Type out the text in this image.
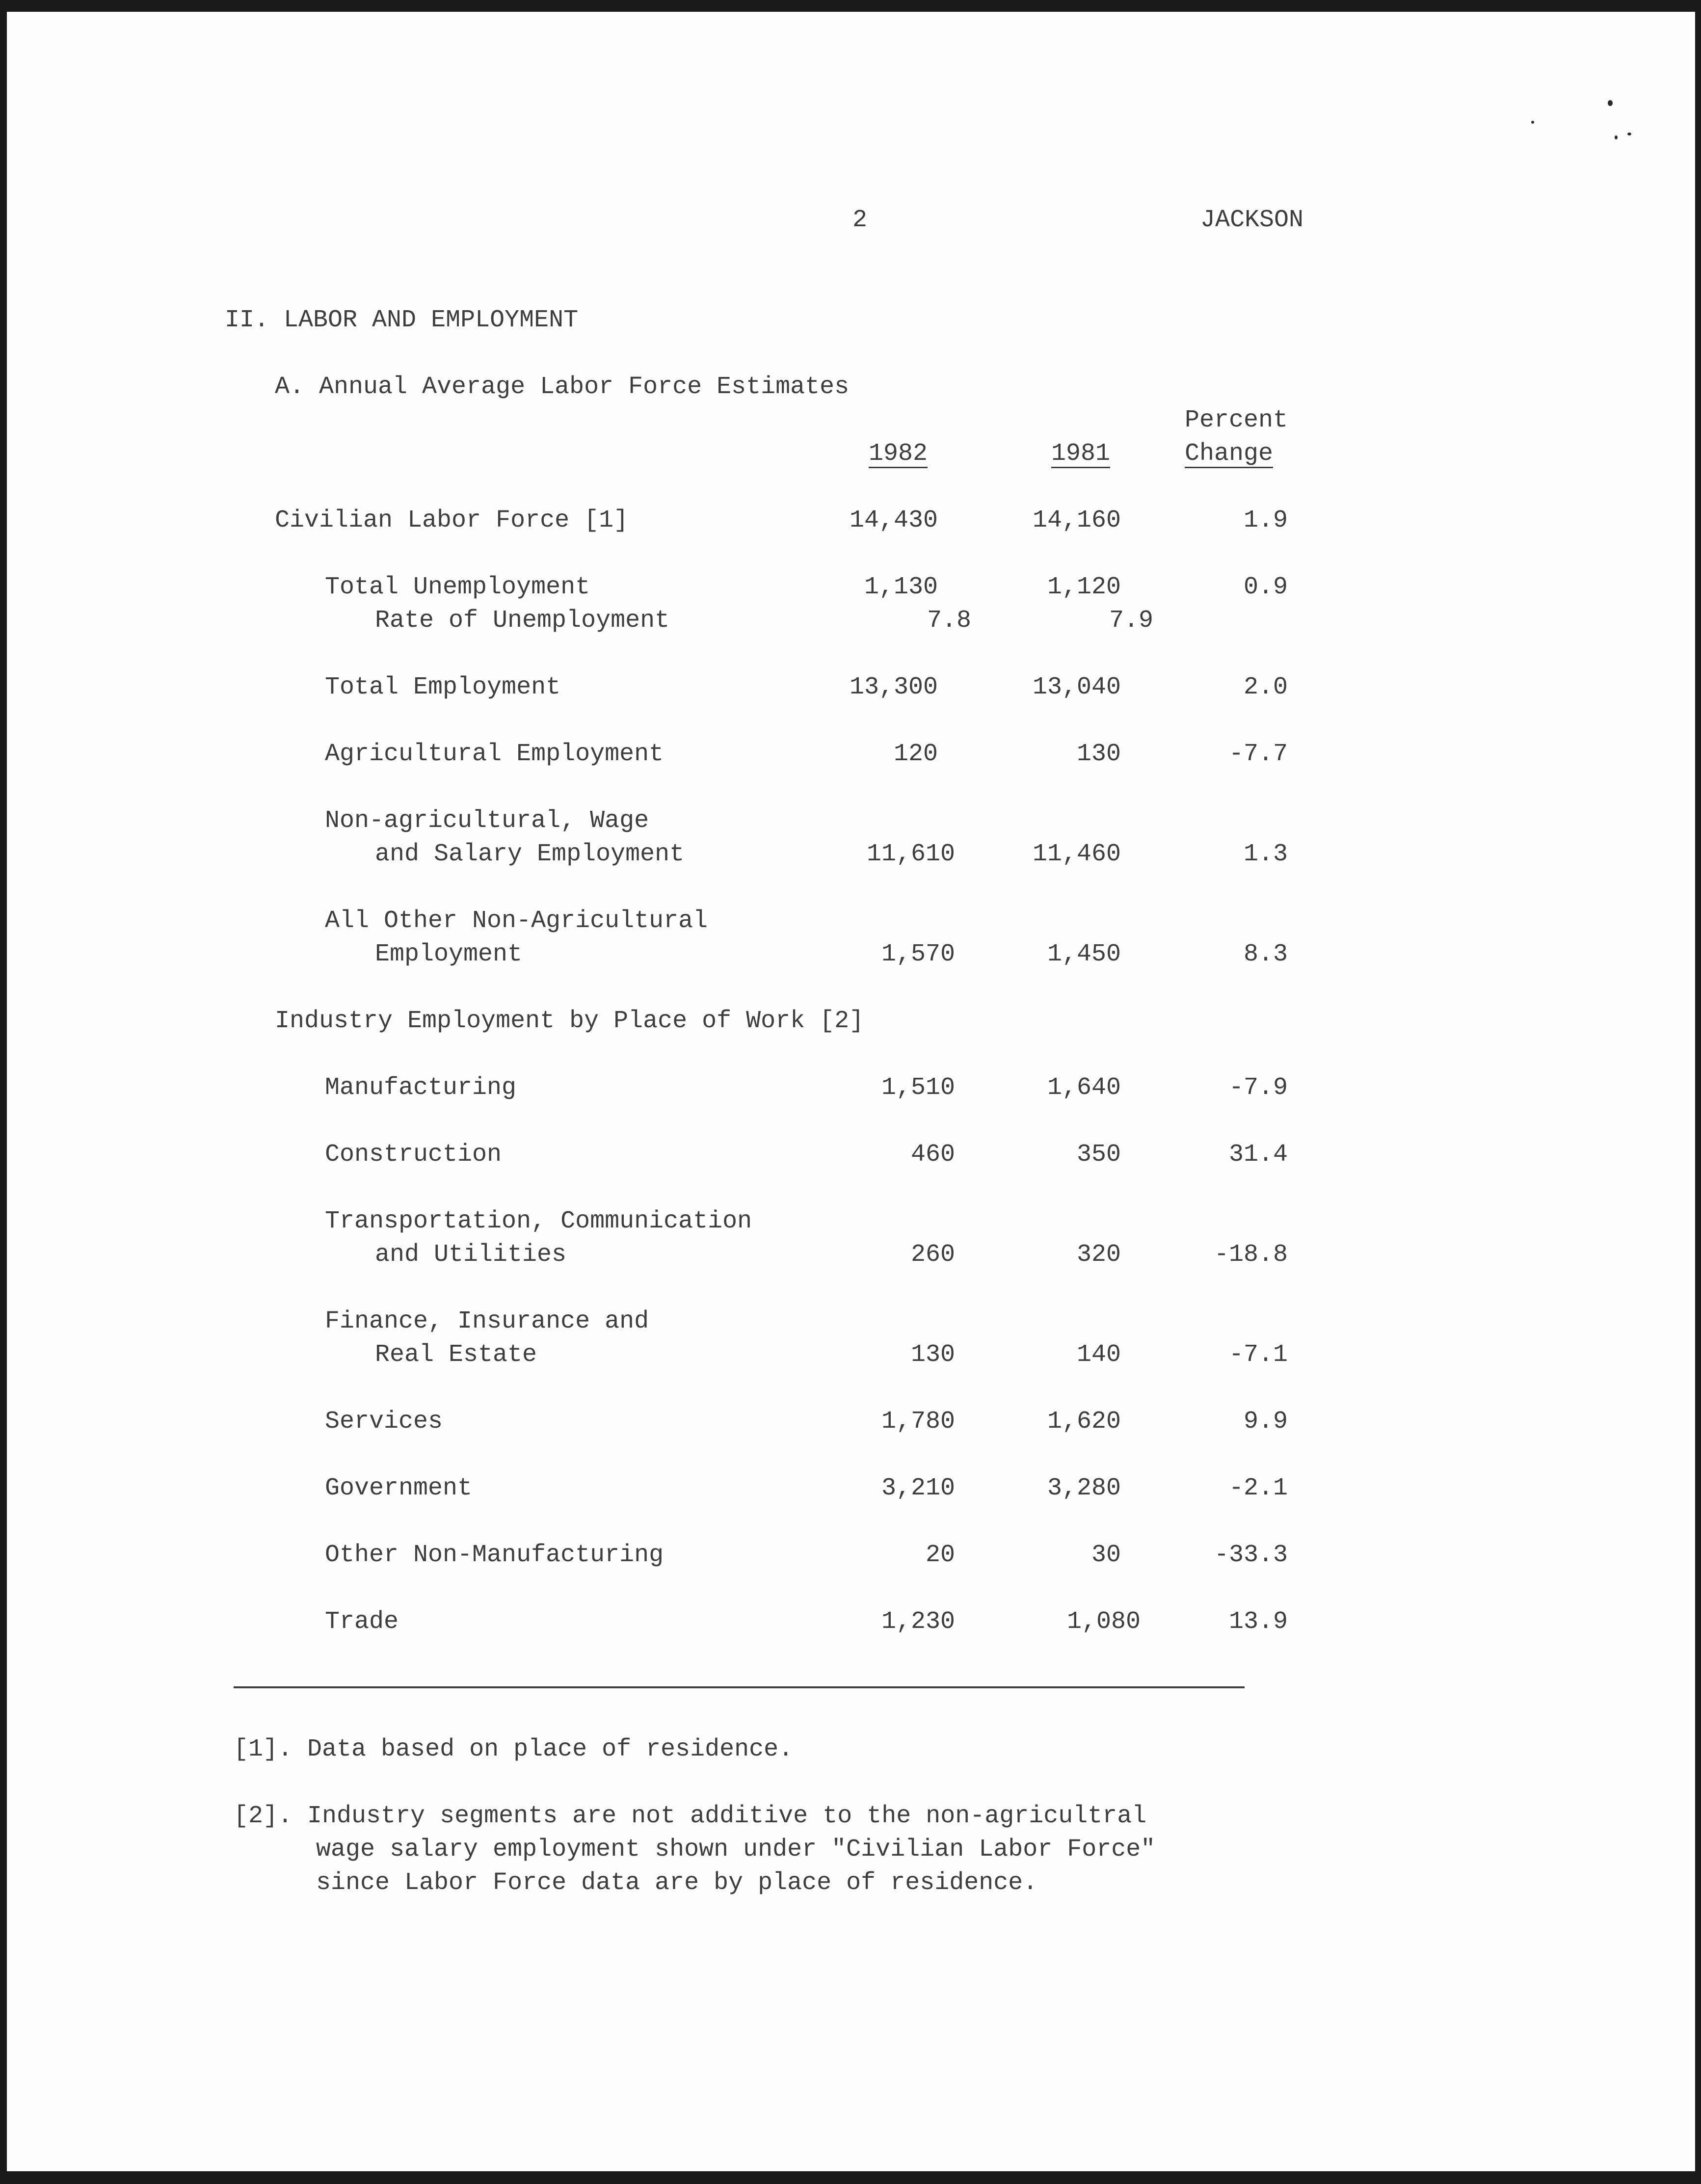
2	JACKSON
II. LABOR AND EMPLOYMENT
A. Annual Average Labor Force Estimates
1982	1981
Percent
Change
Civilian Labor Force [1]	14,430	14,160	1.9
Total Unemployment	1,130	1,120	0.9
Rate of Unemployment	7.8	7.9
Total Employment	13,300	13,040	2.0
Agricultural Employment	120	130	-7.7
Non-agricultural, Wage
and Salary Employment	11,610	11,460	1.3
All Other Non-Agricultural
Employment	1,570	1,450	8.3
Industry Employment by Place of Work [2]
Manufacturing	1,510	1,640	-7.9
Construction	460	350	31.4
Transportation, Communication
and Utilities	260	320	-18.8
Finance, Insurance and
Real Estate	130	140	-7.1
Services	1,780	1,620	9.9
Government	3,210	3,280	-2.1
Other Non-Manufacturing	20	30	-33.3
Trade	1,230	1,080	13.9
[1]. Data based on place of residence.
[2]. Industry segments are not additive to the non-agricultral
wage salary employment shown under "Civilian Labor Force"
since Labor Force data are by place of residence.
